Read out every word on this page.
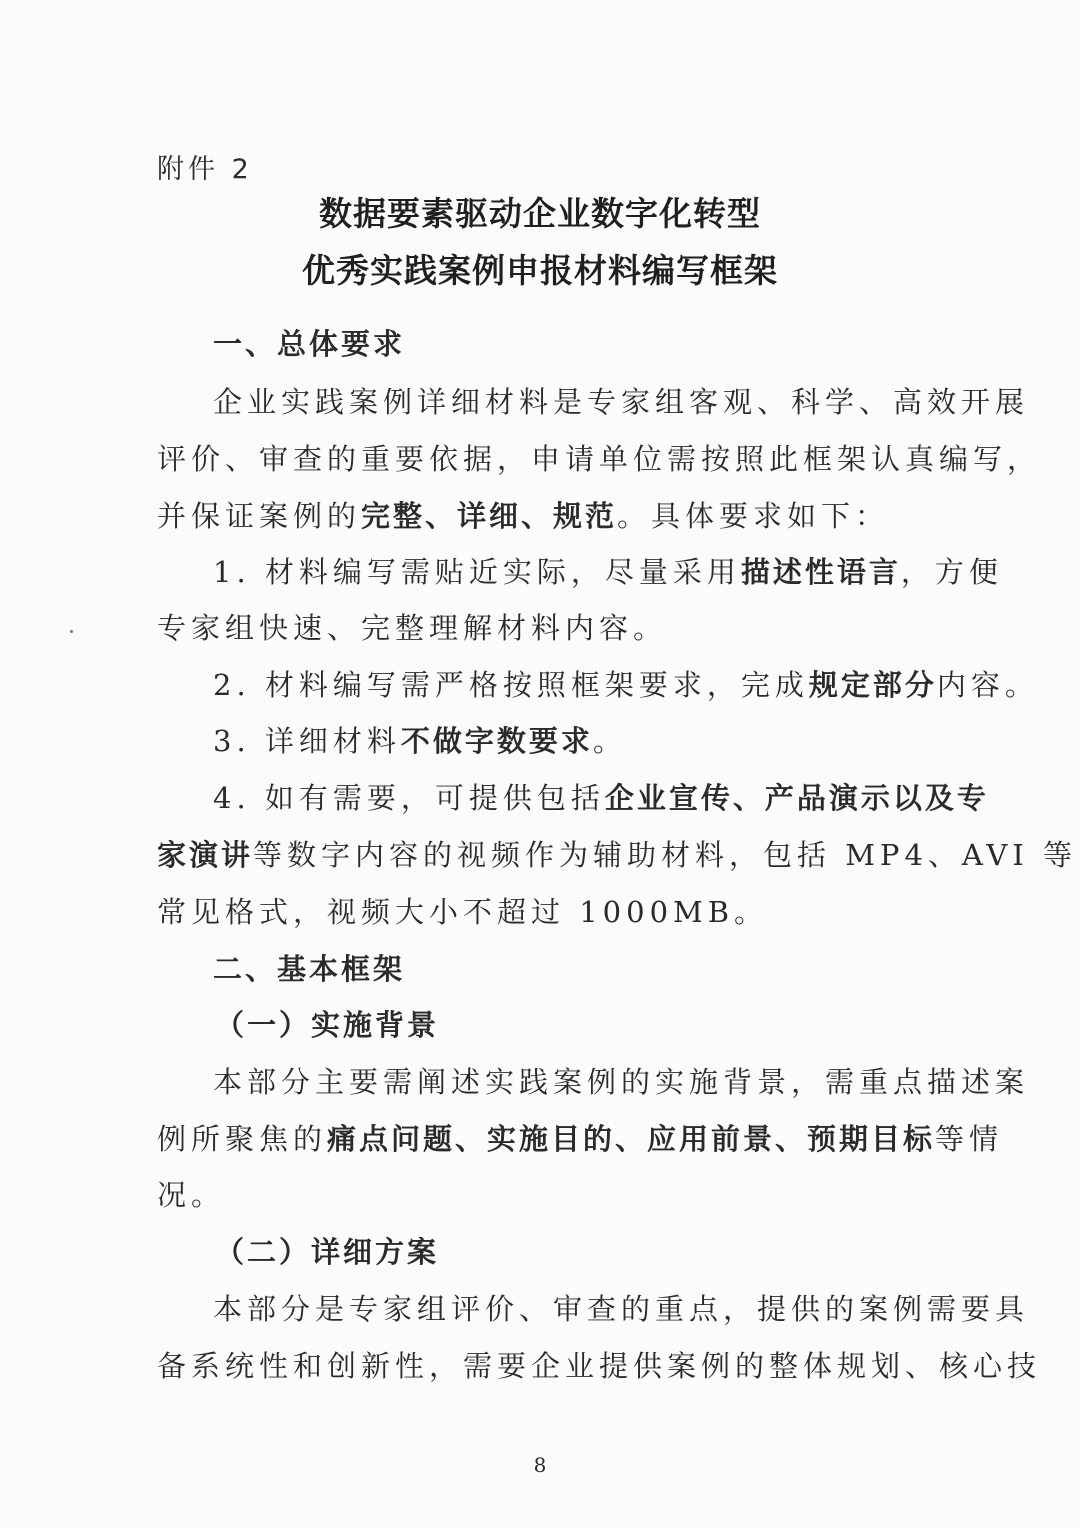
附件 2
数据要素驱动企业数字化转型
优秀实践案例申报材料编写框架
一、总体要求
企业实践案例详细材料是专家组客观、科学、高效开展
评价、审查的重要依据，申请单位需按照此框架认真编写，
并保证案例的完整、详细、规范。具体要求如下：
1. 材料编写需贴近实际，尽量采用描述性语言，方便
专家组快速、完整理解材料内容。
2. 材料编写需严格按照框架要求，完成规定部分内容。
3. 详细材料不做字数要求。
4. 如有需要，可提供包括企业宣传、产品演示以及专
家演讲等数字内容的视频作为辅助材料，包括 MP4、AVI 等
常见格式，视频大小不超过 1000MB。
二、基本框架
（一）实施背景
本部分主要需阐述实践案例的实施背景，需重点描述案
例所聚焦的痛点问题、实施目的、应用前景、预期目标等情
况。
（二）详细方案
本部分是专家组评价、审查的重点，提供的案例需要具
备系统性和创新性，需要企业提供案例的整体规划、核心技
8
